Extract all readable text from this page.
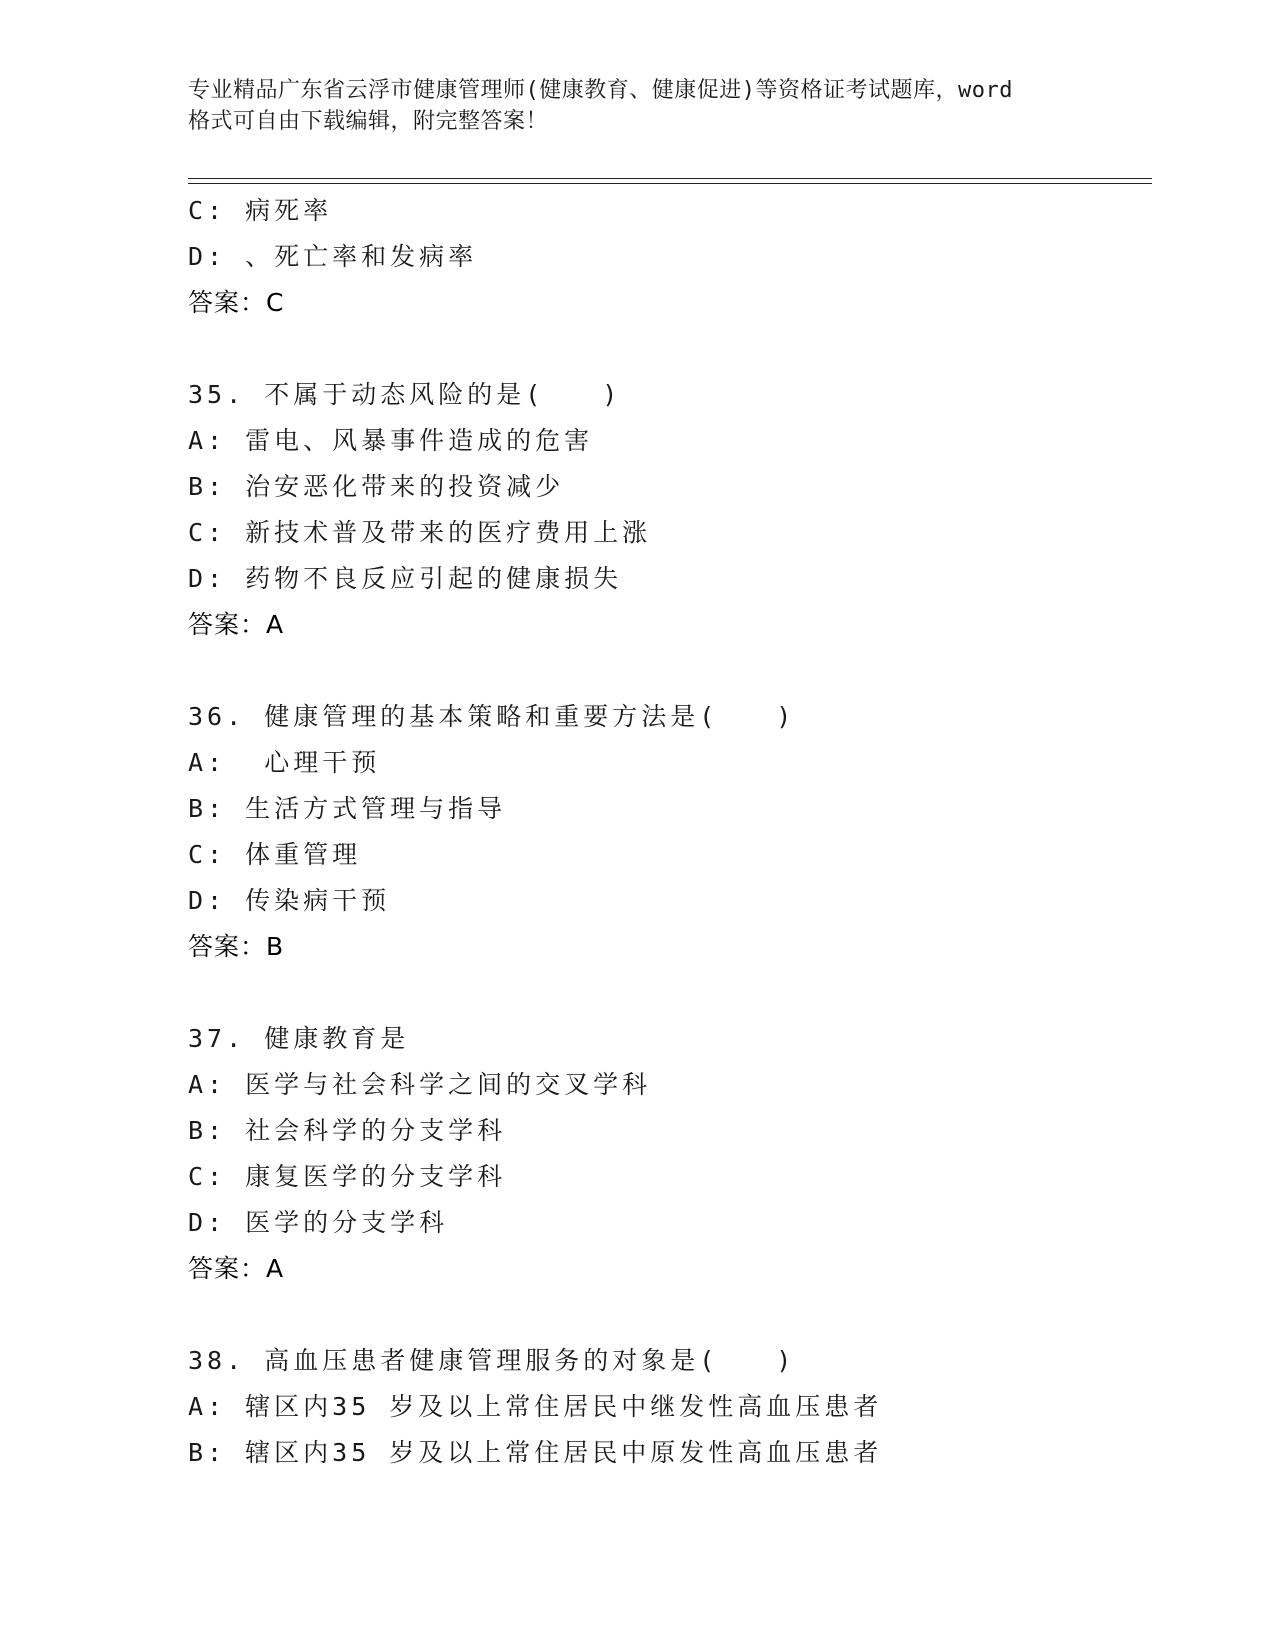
专业精品广东省云浮市健康管理师(健康教育、健康促进)等资格证考试题库，word
格式可自由下载编辑，附完整答案！
C: 病死率
D: 、死亡率和发病率
答案：C
35. 不属于动态风险的是(　　)
A: 雷电、风暴事件造成的危害
B: 治安恶化带来的投资减少
C: 新技术普及带来的医疗费用上涨
D: 药物不良反应引起的健康损失
答案：A
36. 健康管理的基本策略和重要方法是(　　)
A:  心理干预
B: 生活方式管理与指导
C: 体重管理
D: 传染病干预
答案：B
37. 健康教育是
A: 医学与社会科学之间的交叉学科
B: 社会科学的分支学科
C: 康复医学的分支学科
D: 医学的分支学科
答案：A
38. 高血压患者健康管理服务的对象是(　　)
A: 辖区内35 岁及以上常住居民中继发性高血压患者
B: 辖区内35 岁及以上常住居民中原发性高血压患者
